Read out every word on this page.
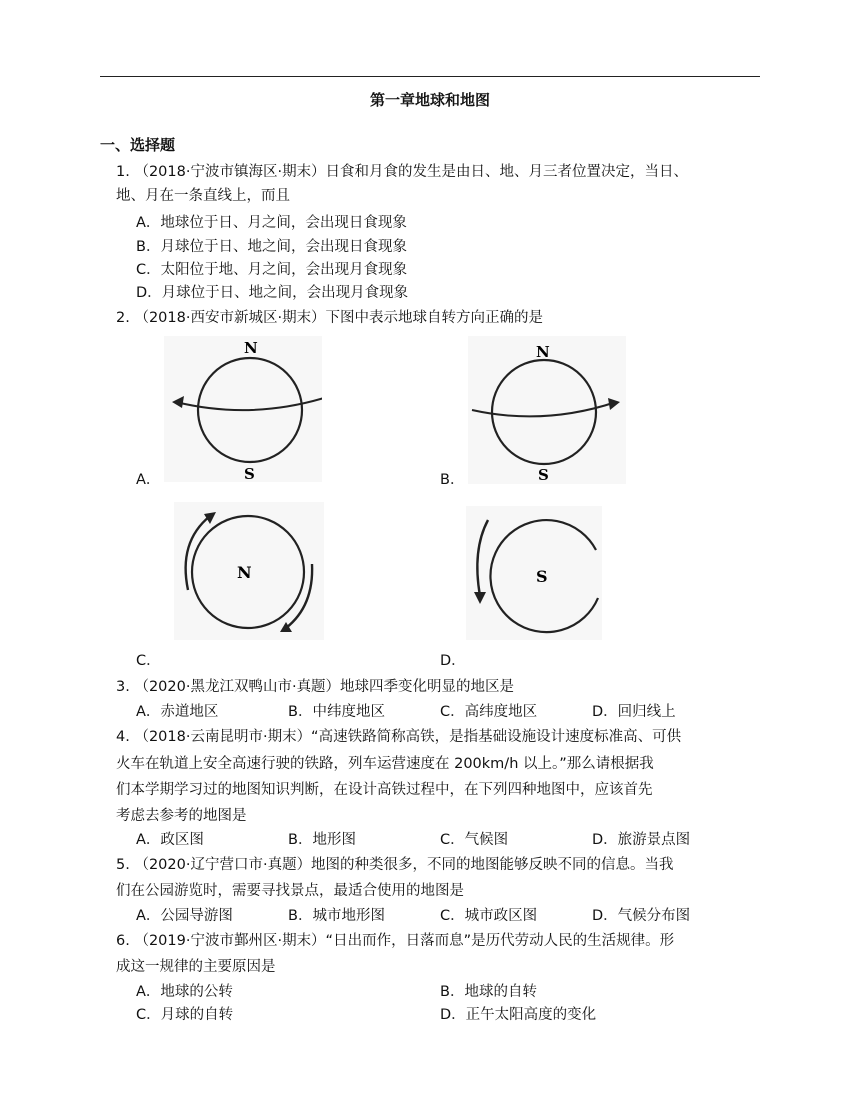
第一章地球和地图
一、选择题
1. （2018·宁波市镇海区·期末）日食和月食的发生是由日、地、月三者位置决定，当日、
地、月在一条直线上，而且
A．地球位于日、月之间，会出现日食现象
B．月球位于日、地之间，会出现日食现象
C．太阳位于地、月之间，会出现月食现象
D．月球位于日、地之间，会出现月食现象
2. （2018·西安市新城区·期末）下图中表示地球自转方向正确的是
N
S
A．
N
S
B．
N
C．
S
D．
3. （2020·黑龙江双鸭山市·真题）地球四季变化明显的地区是
A．赤道地区	B．中纬度地区	C．高纬度地区	D．回归线上
4. （2018·云南昆明市·期末）“高速铁路简称高铁，是指基础设施设计速度标准高、可供
火车在轨道上安全高速行驶的铁路，列车运营速度在 200km/h 以上。”那么请根据我
们本学期学习过的地图知识判断，在设计高铁过程中，在下列四种地图中，应该首先
考虑去参考的地图是
A．政区图	B．地形图	C．气候图	D．旅游景点图
5. （2020·辽宁营口市·真题）地图的种类很多，不同的地图能够反映不同的信息。当我
们在公园游览时，需要寻找景点，最适合使用的地图是
A．公园导游图	B．城市地形图	C．城市政区图	D．气候分布图
6. （2019·宁波市鄞州区·期末）“日出而作，日落而息”是历代劳动人民的生活规律。形
成这一规律的主要原因是
A．地球的公转	B．地球的自转
C．月球的自转	D．正午太阳高度的变化
